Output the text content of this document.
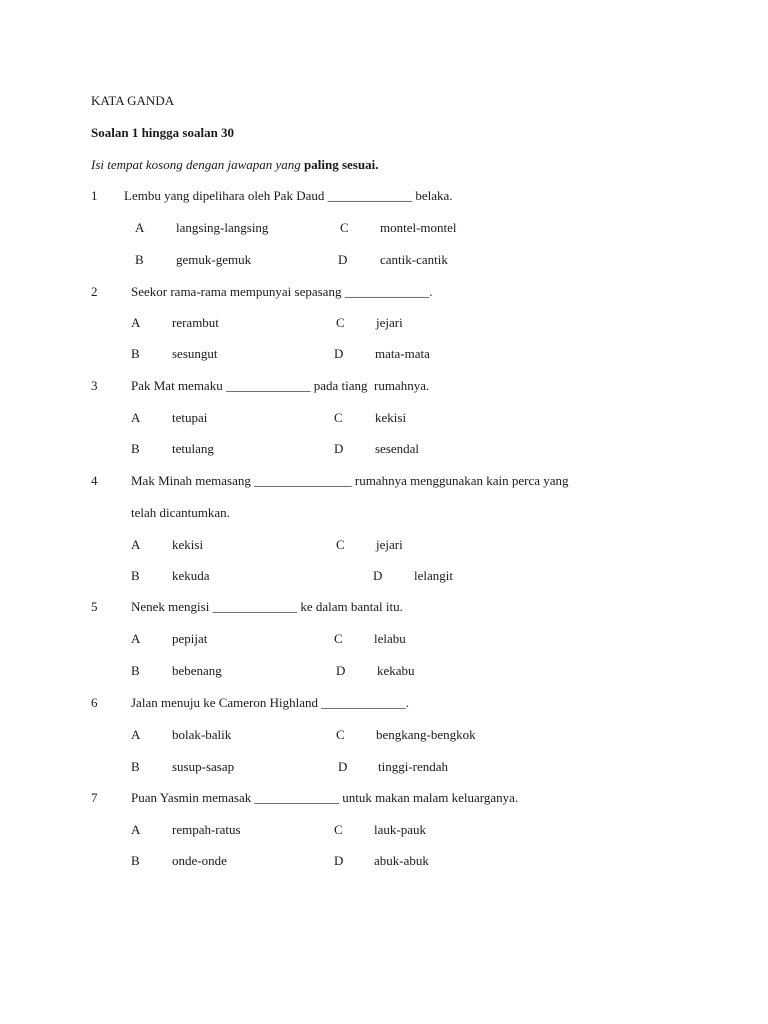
KATA GANDA
Soalan 1 hingga soalan 30
Isi tempat kosong dengan jawapan yang paling sesuai.
1 Lembu yang dipelihara oleh Pak Daud _____________ belaka.
A langsing-langsing	C montel-montel
B gemuk-gemuk	D	cantik-cantik
2	Seekor rama-rama mempunyai sepasang _____________.
A rerambut	C jejari
B sesungut	D mata-mata
3	Pak Mat memaku _____________ pada tiang  rumahnya.
A tetupai	C kekisi
B tetulang	D sesendal
4	Mak Minah memasang _______________ rumahnya menggunakan kain perca yang
telah dicantumkan.
A kekisi	C jejari
B kekuda	D lelangit
5	Nenek mengisi _____________ ke dalam bantal itu.
A pepijat	C lelabu
B bebenang	D kekabu
6	Jalan menuju ke Cameron Highland _____________.
A bolak-balik	C bengkang-bengkok
B susup-sasap	D tinggi-rendah
7	Puan Yasmin memasak _____________ untuk makan malam keluarganya.
A rempah-ratus	C lauk-pauk
B onde-onde	D abuk-abuk
